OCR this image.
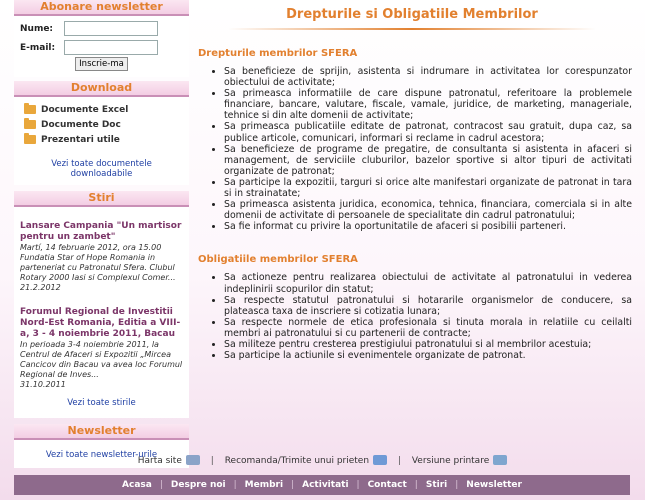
Abonare newsletter
Nume:
E-mail:
Inscrie-ma
Download
Documente Excel
Documente Doc
Prezentari utile
Vezi toate documentele downloadabile
Stiri
Lansare Campania "Un martisor pentru un zambet"
Martí, 14 februarie 2012, ora 15.00 Fundatia Star of Hope Romania in parteneriat cu Patronatul Sfera. Clubul Rotary 2000 Iasi si Complexul Comer...
21.2.2012
Forumul Regional de Investitii Nord-Est Romania, Editia a VIII-a, 3 - 4 noiembrie 2011, Bacau
In perioada 3-4 noiembrie 2011, la Centrul de Afaceri si Expozitii „Mircea Cancicov din Bacau va avea loc Forumul Regional de Inves...
31.10.2011
Vezi toate stirile
Newsletter
Vezi toate newsletter-urile
Drepturile si Obligatiile Membrilor
Drepturile membrilor SFERA
• Sa beneficieze de sprijin, asistenta si indrumare in activitatea lor corespunzator obiectului de activitate;
• Sa primeasca informatiile de care dispune patronatul, referitoare la problemele financiare, bancare, valutare, fiscale, vamale, juridice, de marketing, manageriale, tehnice si din alte domenii de activitate;
• Sa primeasca publicatiile editate de patronat, contracost sau gratuit, dupa caz, sa publice articole, comunicari, informari si reclame in cadrul acestora;
• Sa beneficieze de programe de pregatire, de consultanta si asistenta in afaceri si management, de serviciile cluburilor, bazelor sportive si altor tipuri de activitati organizate de patronat;
• Sa participe la expozitii, targuri si orice alte manifestari organizate de patronat in tara si in strainatate;
• Sa primeasca asistenta juridica, economica, tehnica, financiara, comerciala si in alte domenii de activitate di persoanele de specialitate din cadrul patronatului;
• Sa fie informat cu privire la oportunitatile de afaceri si posibilii parteneri.
Obligatiile membrilor SFERA
• Sa actioneze pentru realizarea obiectului de activitate al patronatului in vederea indeplinirii scopurilor din statut;
• Sa respecte statutul patronatului si hotararile organismelor de conducere, sa plateasca taxa de inscriere si cotizatia lunara;
• Sa respecte normele de etica profesionala si tinuta morala in relatiile cu ceilalti membri ai patronatului si cu partenerii de contracte;
• Sa militeze pentru cresterea prestigiului patronatului si al membrilor acestuia;
• Sa participe la actiunile si evenimentele organizate de patronat.
Harta site	| Recomanda/Trimite unui prieten	| Versiune printare
Acasa | Despre noi | Membri | Activitati | Contact | Stiri | Newsletter
